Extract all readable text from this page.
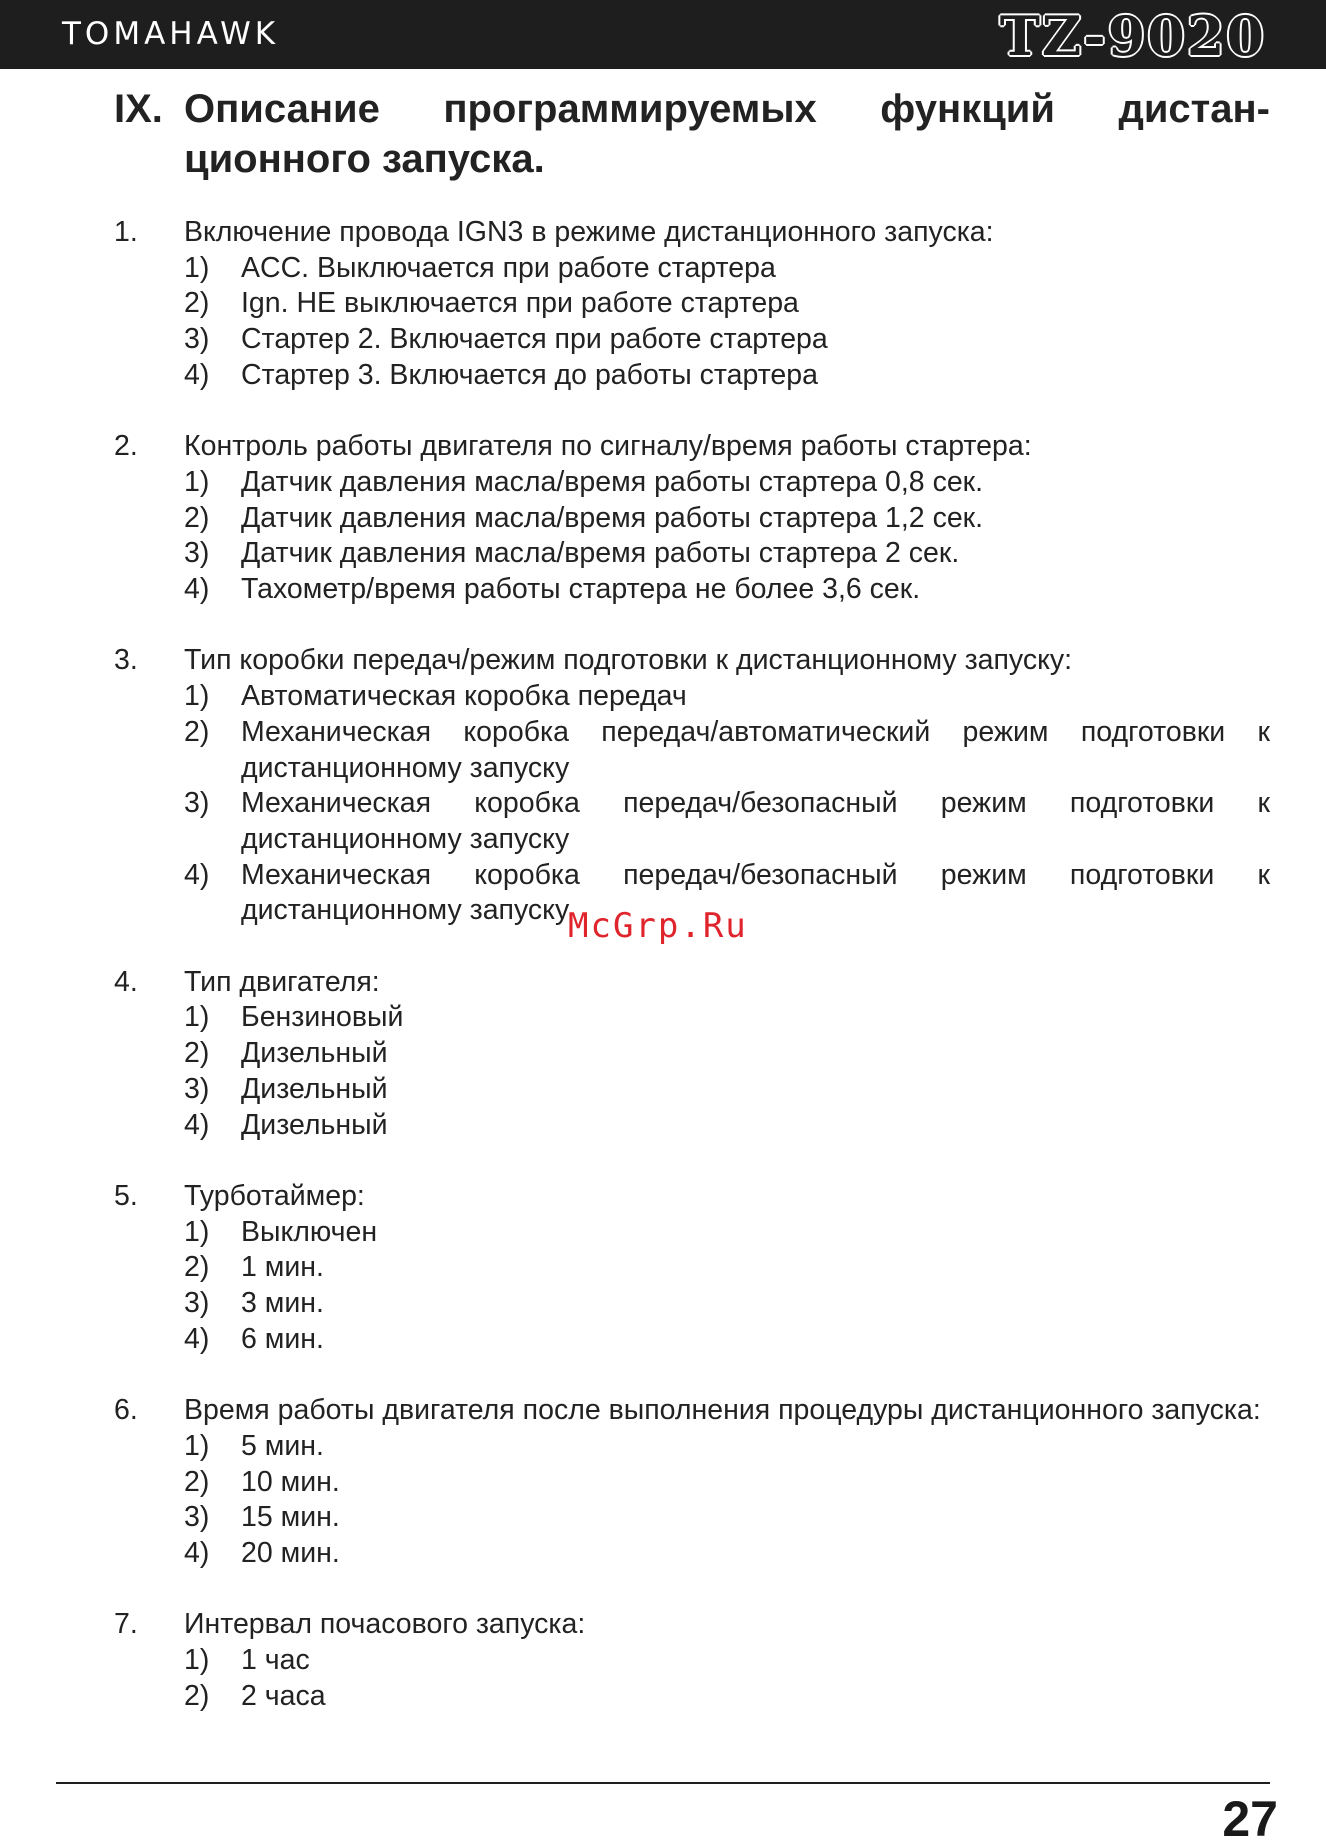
TOMAHAWK	TZ-9020
IX. Описание программируемых функций дистан-ционного запуска.
1. Включение провода IGN3 в режиме дистанционного запуска:
1) ACC. Выключается при работе стартера
2) Ign. НЕ выключается при работе стартера
3) Стартер 2. Включается при работе стартера
4) Стартер 3. Включается до работы стартера
2. Контроль работы двигателя по сигналу/время работы стартера:
1) Датчик давления масла/время работы стартера 0,8 сек.
2) Датчик давления масла/время работы стартера 1,2 сек.
3) Датчик давления масла/время работы стартера 2 сек.
4) Тахометр/время работы стартера не более 3,6 сек.
3. Тип коробки передач/режим подготовки к дистанционному запуску:
1) Автоматическая коробка передач
2) Механическая коробка передач/автоматический режим подготовки к дистанционному запуску
3) Механическая коробка передач/безопасный режим подготовки к дистанционному запуску
4) Механическая коробка передач/безопасный режим подготовки к дистанционному запуску
4. Тип двигателя:
1) Бензиновый
2) Дизельный
3) Дизельный
4) Дизельный
5. Турботаймер:
1) Выключен
2) 1 мин.
3) 3 мин.
4) 6 мин.
6. Время работы двигателя после выполнения процедуры дистанционного запуска:
1) 5 мин.
2) 10 мин.
3) 15 мин.
4) 20 мин.
7. Интервал почасового запуска:
1) 1 час
2) 2 часа
McGrp.Ru
27
